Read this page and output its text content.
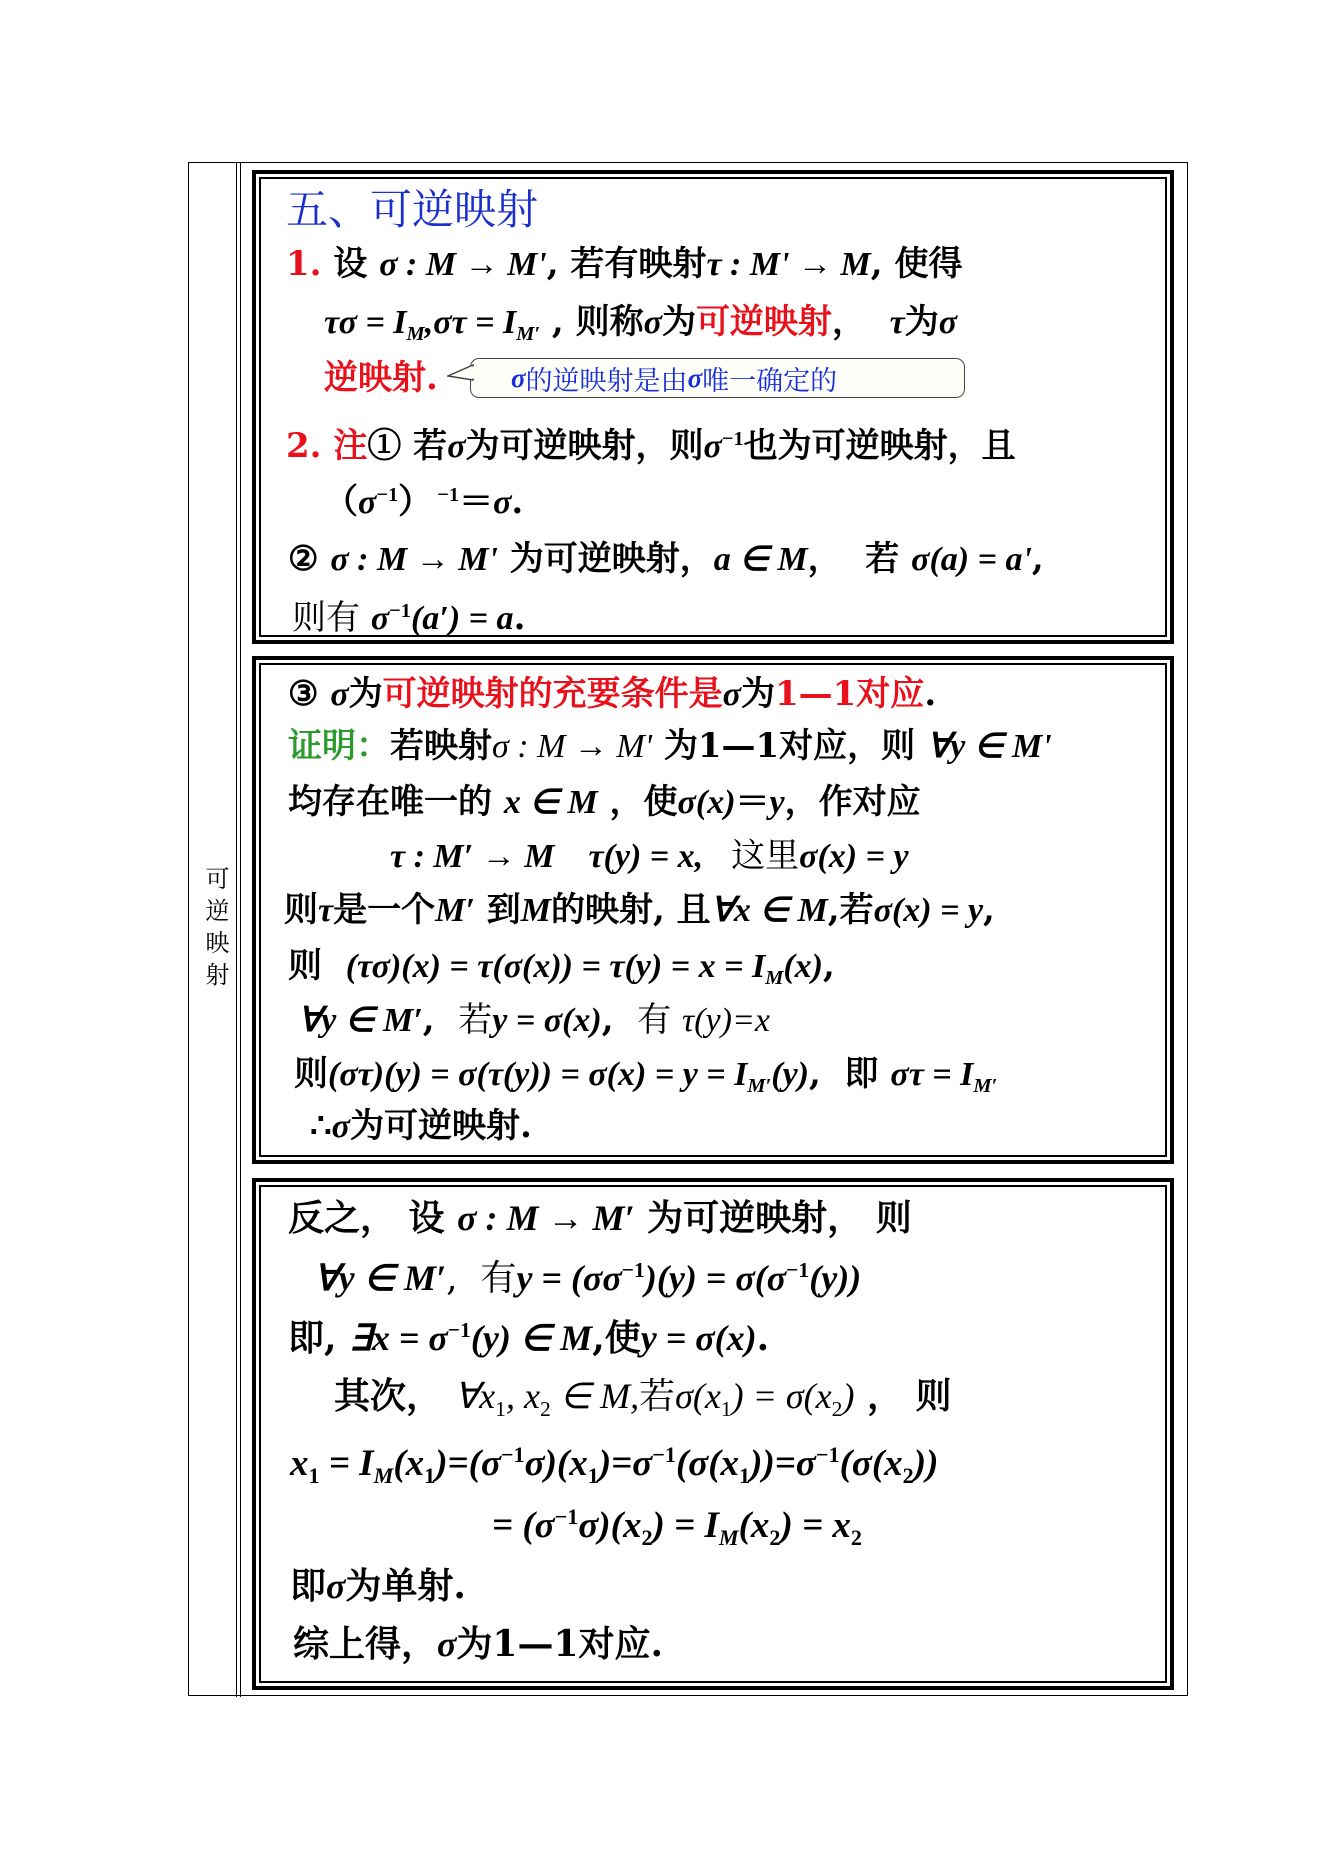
可逆映射
五、可逆映射
1. 设 σ : M → M' , 若有映射 τ : M' → M , 使得
$\tau\sigma = I_M$ $,\sigma\tau = I_{M'}$ , 则称 σ 为 可逆映射 ， τ 为 σ
逆映射.	σ 的逆映射是由 σ 唯一确定的
2. 注 ① 若 σ 为可逆映射，则 $\sigma^{-1}$ 也为可逆映射，且
（ $\sigma^{-1}$ ） $^{-1}$ ＝ σ .
② σ : M → M' 为可逆映射， a ∈ M ，  若 σ(a) = a' ,
则有 $\sigma^{-1}$ (a′) = a .
③ σ 为 可逆映射的充要条件是 σ 为 1—1对应 .
证明： 若映射 σ : M → M' 为1—1对应，则 ∀y ∈ M'
均存在唯一的 x ∈ M ，使 σ(x) ＝ y ，作对应
τ : M′ → M τ(y) = x, 这里 σ(x) = y
则 τ 是一个 M′ 到 M 的映射, 且 ∀x ∈ M ,若 σ(x) = y ,
则 $(\tau\sigma)(x) = \tau(\sigma(x)) = \tau(y) = x = I_M$ (x) ,
∀y ∈ M′ , 若 y = σ(x) , 有 τ(y)=x
则 $(\sigma\tau)(y) = \sigma(\tau(y)) = \sigma(x) = y = I_{M'}$ (y) ,  即 $\sigma\tau = I_{M'}$
∴ σ 为可逆映射.
反之， 设 σ : M → M′ 为可逆映射， 则
∀y ∈ M′ ,  有 $y = (\sigma\sigma^{-1}$ )$(y) = \sigma(\sigma^{-1}$ (y))
即, ∃x = $\sigma^{-1}$ (y) ∈ M ,使 y = σ(x) .
其次， $\forall x_1$ , $x_2$ ∈ M, 若 $\sigma(x_1$ ) = $\sigma(x_2$ ) ， 则
$x_1 = I_M$ ($x_1$ )$=(\sigma^{-1}$ $\sigma)(x_1$ )$=\sigma^{-1}$ ($\sigma(x_1$ ))$=\sigma^{-1}$ ($\sigma(x_2$ ))
= ($\sigma^{-1}$ $\sigma)(x_2$ ) = $I_M$ ($x_2$ ) = $x_2$
即 σ 为单射.
综上得， σ 为1—1对应.
